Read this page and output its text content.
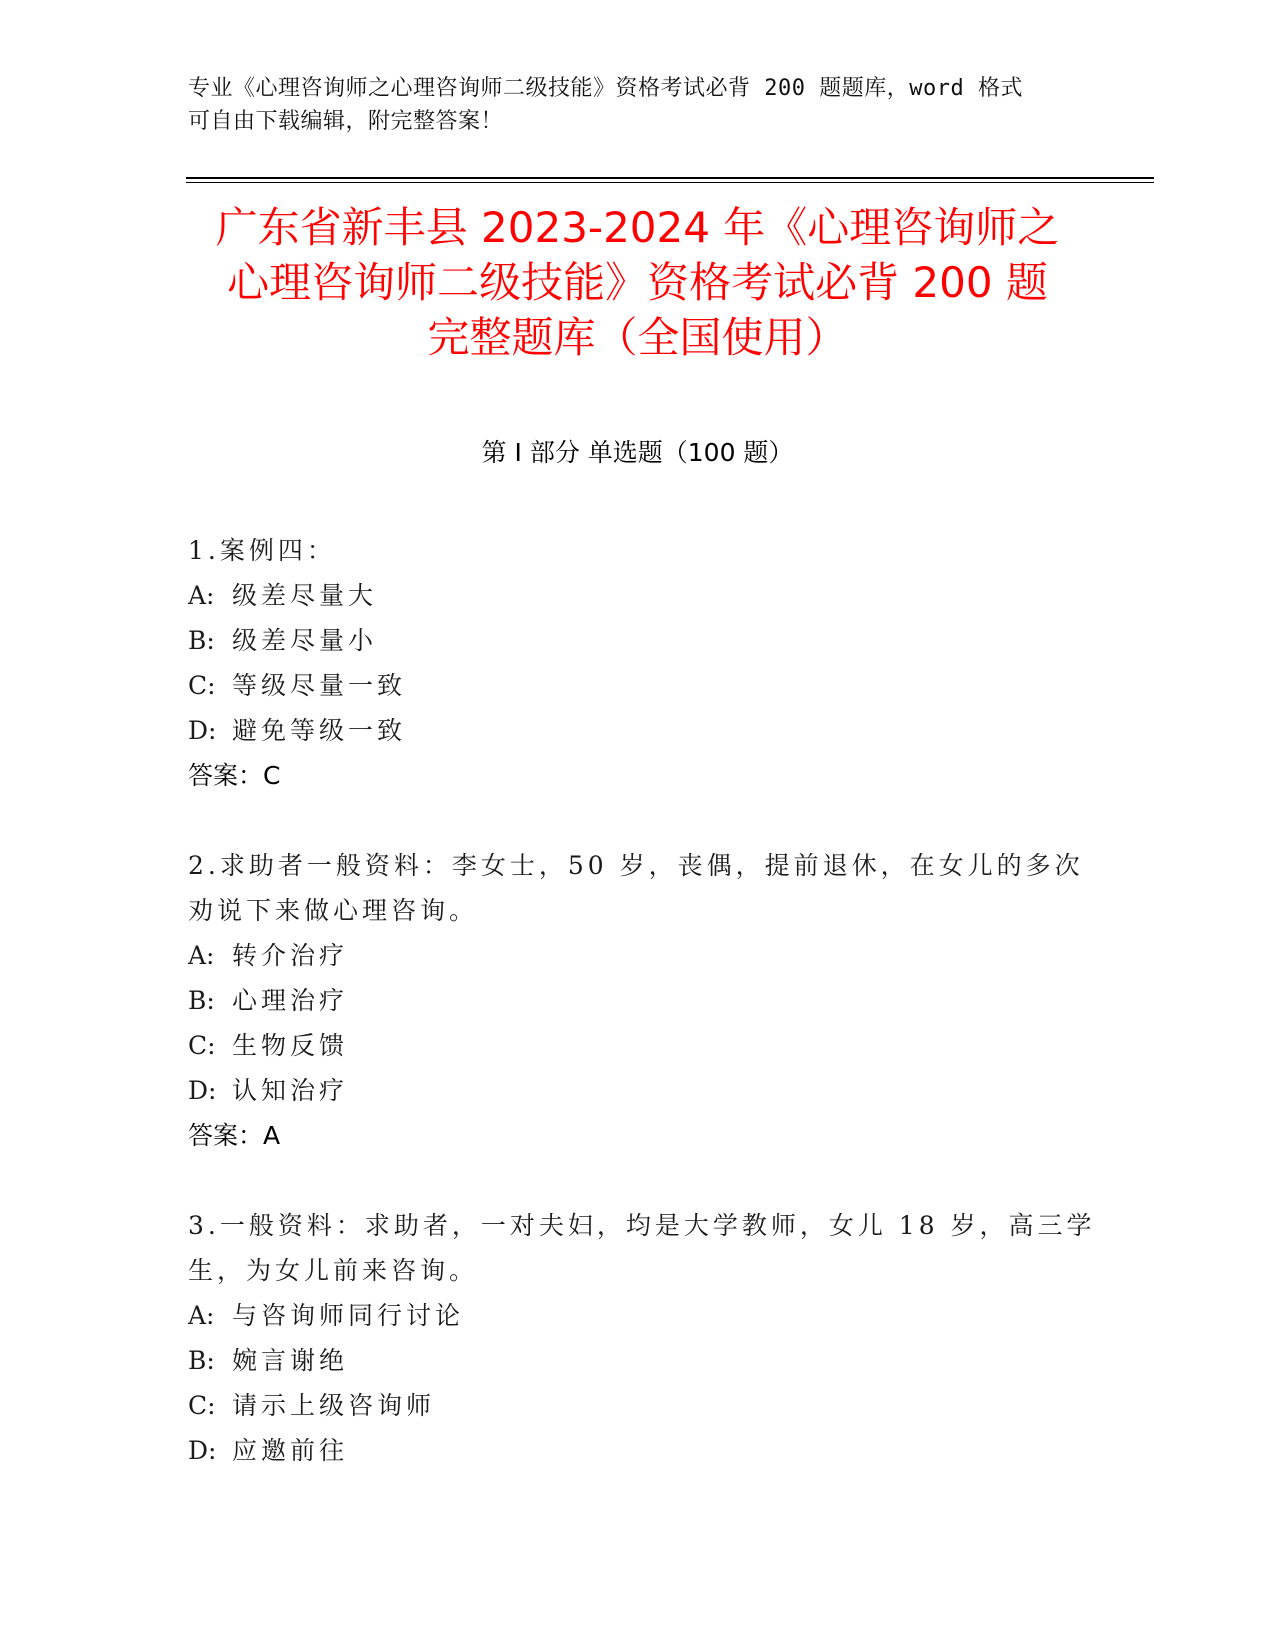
专业《心理咨询师之心理咨询师二级技能》资格考试必背 200 题题库，word 格式
可自由下载编辑，附完整答案！
广东省新丰县 2023-2024 年《心理咨询师之
心理咨询师二级技能》资格考试必背 200 题
完整题库（全国使用）
第 I 部分 单选题（100 题）
1.案例四：
A: 级差尽量大
B: 级差尽量小
C: 等级尽量一致
D: 避免等级一致
答案：C
2.求助者一般资料：李女士，50 岁，丧偶，提前退休，在女儿的多次
劝说下来做心理咨询。
A: 转介治疗
B: 心理治疗
C: 生物反馈
D: 认知治疗
答案：A
3.一般资料：求助者，一对夫妇，均是大学教师，女儿 18 岁，高三学
生，为女儿前来咨询。
A: 与咨询师同行讨论
B: 婉言谢绝
C: 请示上级咨询师
D: 应邀前往
